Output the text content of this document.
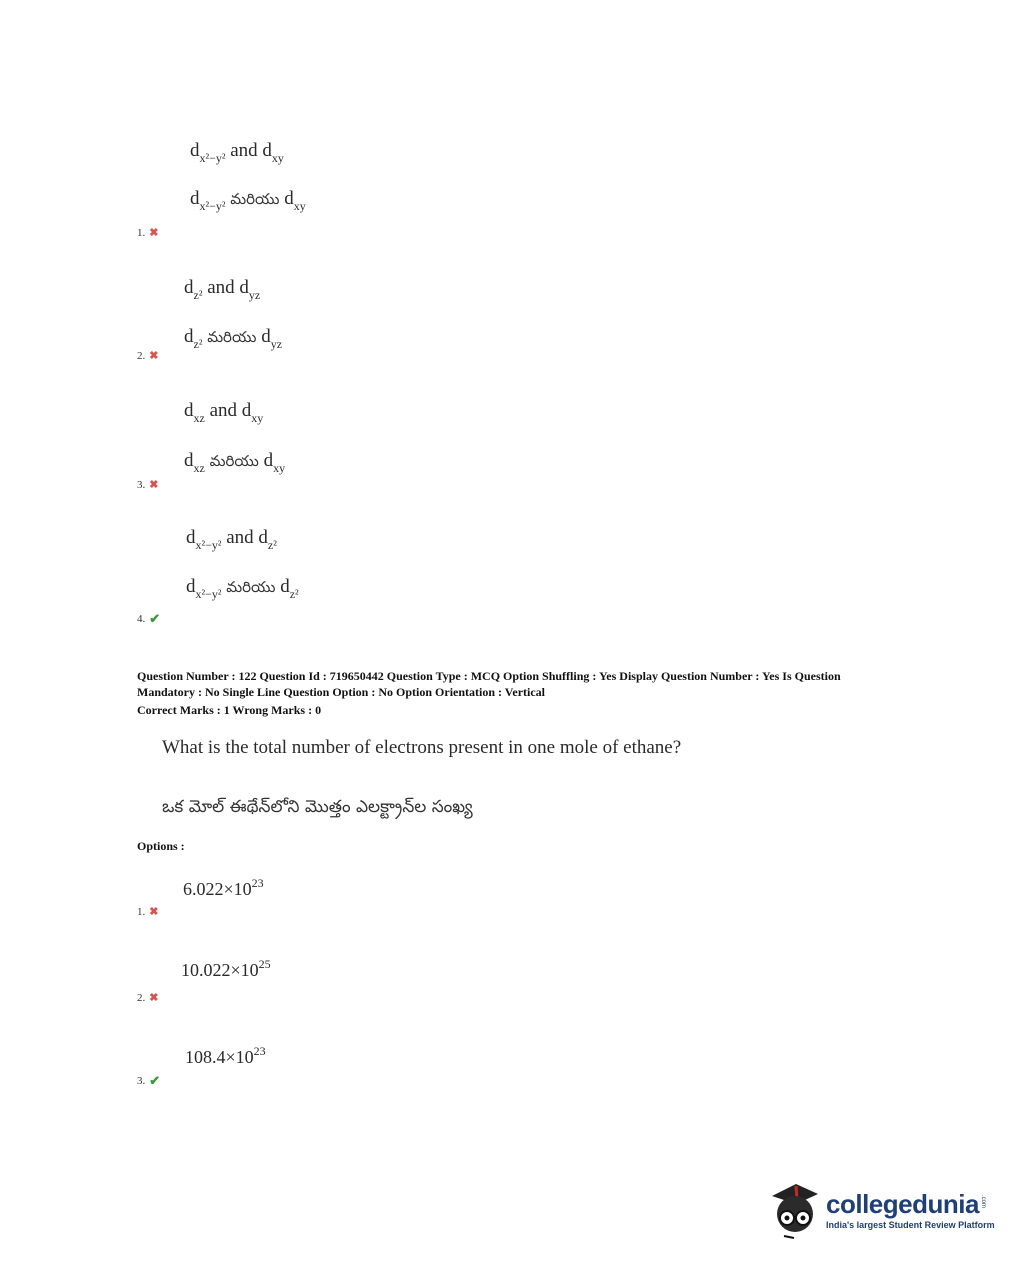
$d_{x^2-y^2}$ and $d_{xy}$
$d_{x^2-y^2}$ మరియు $d_{xy}$
1. ✖
$d_{z^2}$ and $d_{yz}$
$d_{z^2}$ మరియు $d_{yz}$
2. ✖
$d_{xz}$ and $d_{xy}$
$d_{xz}$ మరియు $d_{xy}$
3. ✖
$d_{x^2-y^2}$ and $d_{z^2}$
$d_{x^2-y^2}$ మరియు $d_{z^2}$
4. ✔
Question Number : 122 Question Id : 719650442 Question Type : MCQ Option Shuffling : Yes Display Question Number : Yes Is Question Mandatory : No Single Line Question Option : No Option Orientation : Vertical
Correct Marks : 1 Wrong Marks : 0
What is the total number of electrons present in one mole of ethane?
ఒక మోల్ ఈథేన్‌లోని మొత్తం ఎలక్ట్రాన్‌ల సంఖ్య
Options :
$6.022\times 10^{23}$
1. ✖
$10.022\times 10^{25}$
2. ✖
$108.4\times 10^{23}$
3. ✔
collegedunia .com
India's largest Student Review Platform
